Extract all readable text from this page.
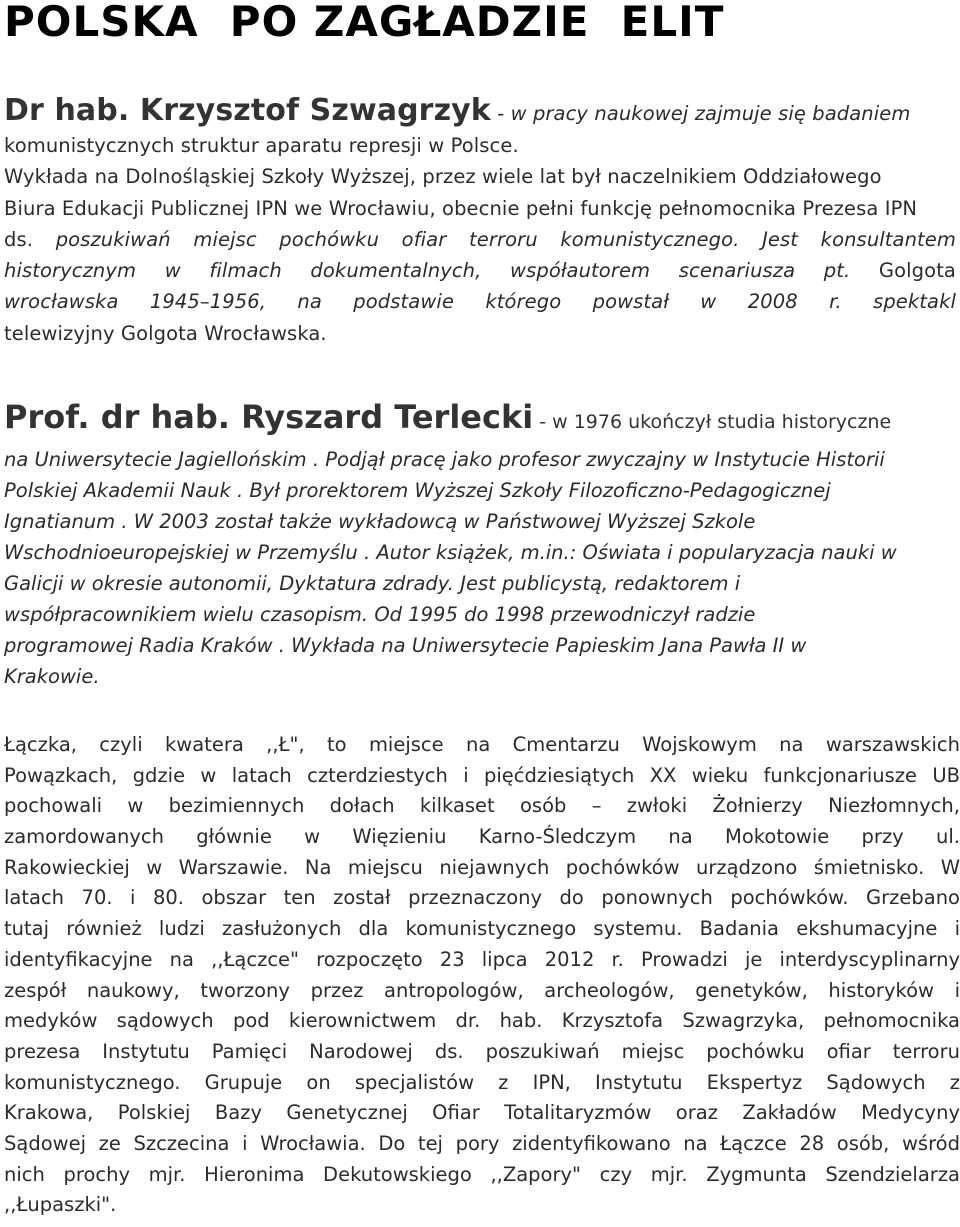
POLSKA  PO ZAGŁADZIE  ELIT
Dr hab. Krzysztof Szwagrzyk - w pracy naukowej zajmuje się badaniem
komunistycznych struktur aparatu represji w Polsce.
Wykłada na Dolnośląskiej Szkoły Wyższej, przez wiele lat był naczelnikiem Oddziałowego
Biura Edukacji Publicznej IPN we Wrocławiu, obecnie pełni funkcję pełnomocnika Prezesa IPN
ds. poszukiwań miejsc pochówku ofiar terroru komunistycznego. Jest konsultantem
historycznym w filmach dokumentalnych, współautorem scenariusza pt. Golgota
wrocławska 1945–1956, na podstawie którego powstał w 2008 r. spektakl
telewizyjny Golgota Wrocławska.
Prof. dr hab. Ryszard Terlecki - w 1976 ukończył studia historyczne
na Uniwersytecie Jagiellońskim . Podjął pracę jako profesor zwyczajny w Instytucie Historii
Polskiej Akademii Nauk . Był prorektorem Wyższej Szkoły Filozoficzno-Pedagogicznej
Ignatianum . W 2003 został także wykładowcą w Państwowej Wyższej Szkole
Wschodnioeuropejskiej w Przemyślu . Autor książek, m.in.: Oświata i popularyzacja nauki w
Galicji w okresie autonomii, Dyktatura zdrady. Jest publicystą, redaktorem i
współpracownikiem wielu czasopism. Od 1995 do 1998 przewodniczył radzie
programowej Radia Kraków . Wykłada na Uniwersytecie Papieskim Jana Pawła II w
Krakowie.
Łączka, czyli kwatera ,,Ł", to miejsce na Cmentarzu Wojskowym na warszawskich
Powązkach, gdzie w latach czterdziestych i pięćdziesiątych XX wieku funkcjonariusze UB
pochowali w bezimiennych dołach kilkaset osób – zwłoki Żołnierzy Niezłomnych,
zamordowanych głównie w Więzieniu Karno-Śledczym na Mokotowie przy ul.
Rakowieckiej w Warszawie. Na miejscu niejawnych pochówków urządzono śmietnisko. W
latach 70. i 80. obszar ten został przeznaczony do ponownych pochówków. Grzebano
tutaj również ludzi zasłużonych dla komunistycznego systemu. Badania ekshumacyjne i
identyfikacyjne na ,,Łączce" rozpoczęto 23 lipca 2012 r. Prowadzi je interdyscyplinarny
zespół naukowy, tworzony przez antropologów, archeologów, genetyków, historyków i
medyków sądowych pod kierownictwem dr. hab. Krzysztofa Szwagrzyka, pełnomocnika
prezesa Instytutu Pamięci Narodowej ds. poszukiwań miejsc pochówku ofiar terroru
komunistycznego. Grupuje on specjalistów z IPN, Instytutu Ekspertyz Sądowych z
Krakowa, Polskiej Bazy Genetycznej Ofiar Totalitaryzmów oraz Zakładów Medycyny
Sądowej ze Szczecina i Wrocławia. Do tej pory zidentyfikowano na Łączce 28 osób, wśród
nich prochy mjr. Hieronima Dekutowskiego ,,Zapory" czy mjr. Zygmunta Szendzielarza
,,Łupaszki".
